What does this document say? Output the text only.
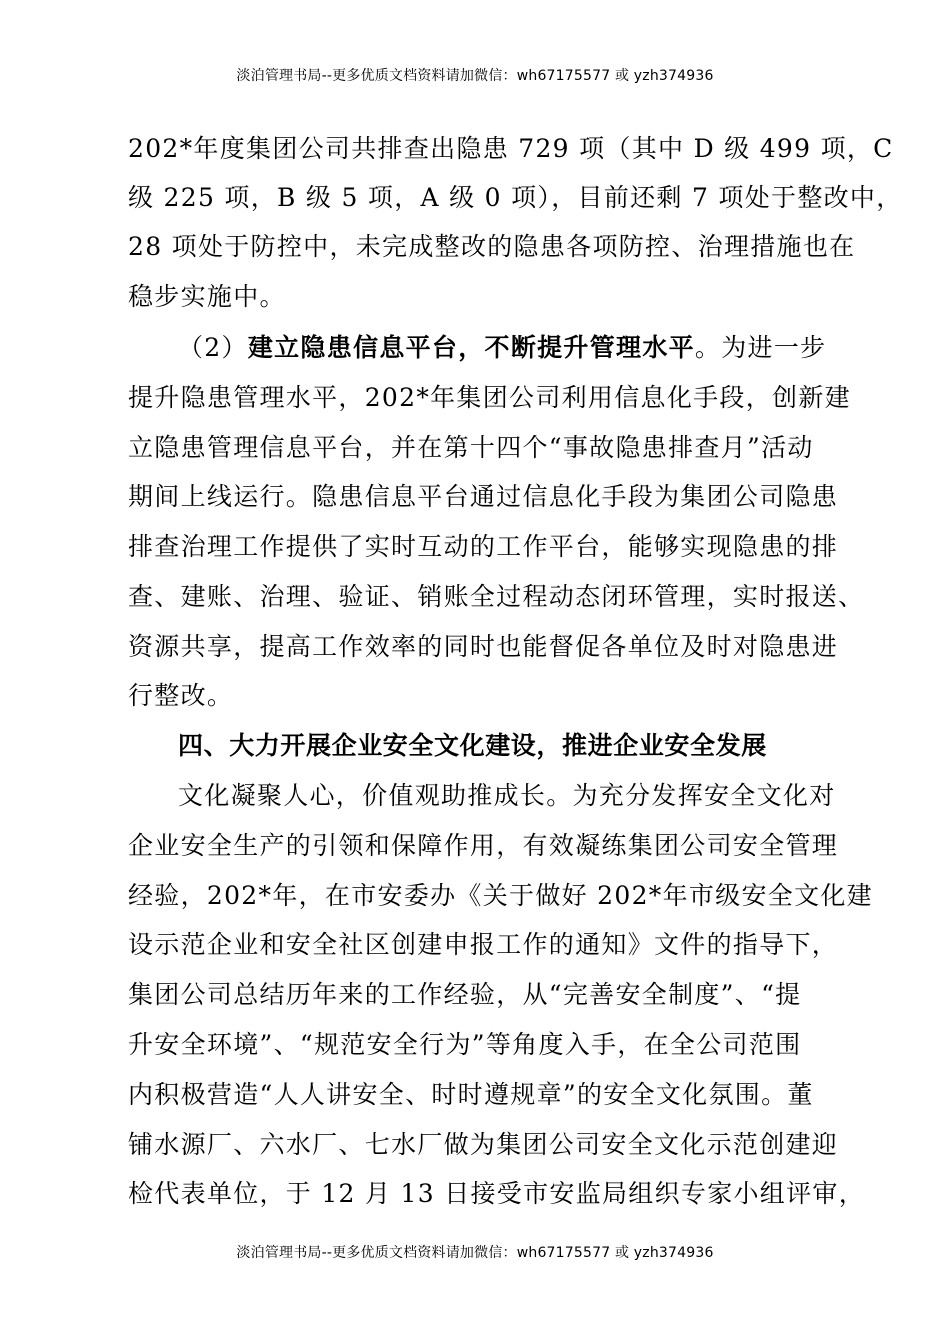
淡泊管理书局--更多优质文档资料请加微信：wh67175577 或 yzh374936
202*年度集团公司共排查出隐患 729 项（其中 D 级 499 项，C
级 225 项，B 级 5 项，A 级 0 项），目前还剩 7 项处于整改中，
28 项处于防控中，未完成整改的隐患各项防控、治理措施也在
稳步实施中。
（2）建立隐患信息平台，不断提升管理水平。为进一步
提升隐患管理水平，202*年集团公司利用信息化手段，创新建
立隐患管理信息平台，并在第十四个“事故隐患排查月”活动
期间上线运行。隐患信息平台通过信息化手段为集团公司隐患
排查治理工作提供了实时互动的工作平台，能够实现隐患的排
查、建账、治理、验证、销账全过程动态闭环管理，实时报送、
资源共享，提高工作效率的同时也能督促各单位及时对隐患进
行整改。
四、大力开展企业安全文化建设，推进企业安全发展
文化凝聚人心，价值观助推成长。为充分发挥安全文化对
企业安全生产的引领和保障作用，有效凝练集团公司安全管理
经验，202*年，在市安委办《关于做好 202*年市级安全文化建
设示范企业和安全社区创建申报工作的通知》文件的指导下，
集团公司总结历年来的工作经验，从“完善安全制度”、“提
升安全环境”、“规范安全行为”等角度入手，在全公司范围
内积极营造“人人讲安全、时时遵规章”的安全文化氛围。董
铺水源厂、六水厂、七水厂做为集团公司安全文化示范创建迎
检代表单位，于 12 月 13 日接受市安监局组织专家小组评审，
淡泊管理书局--更多优质文档资料请加微信：wh67175577 或 yzh374936
